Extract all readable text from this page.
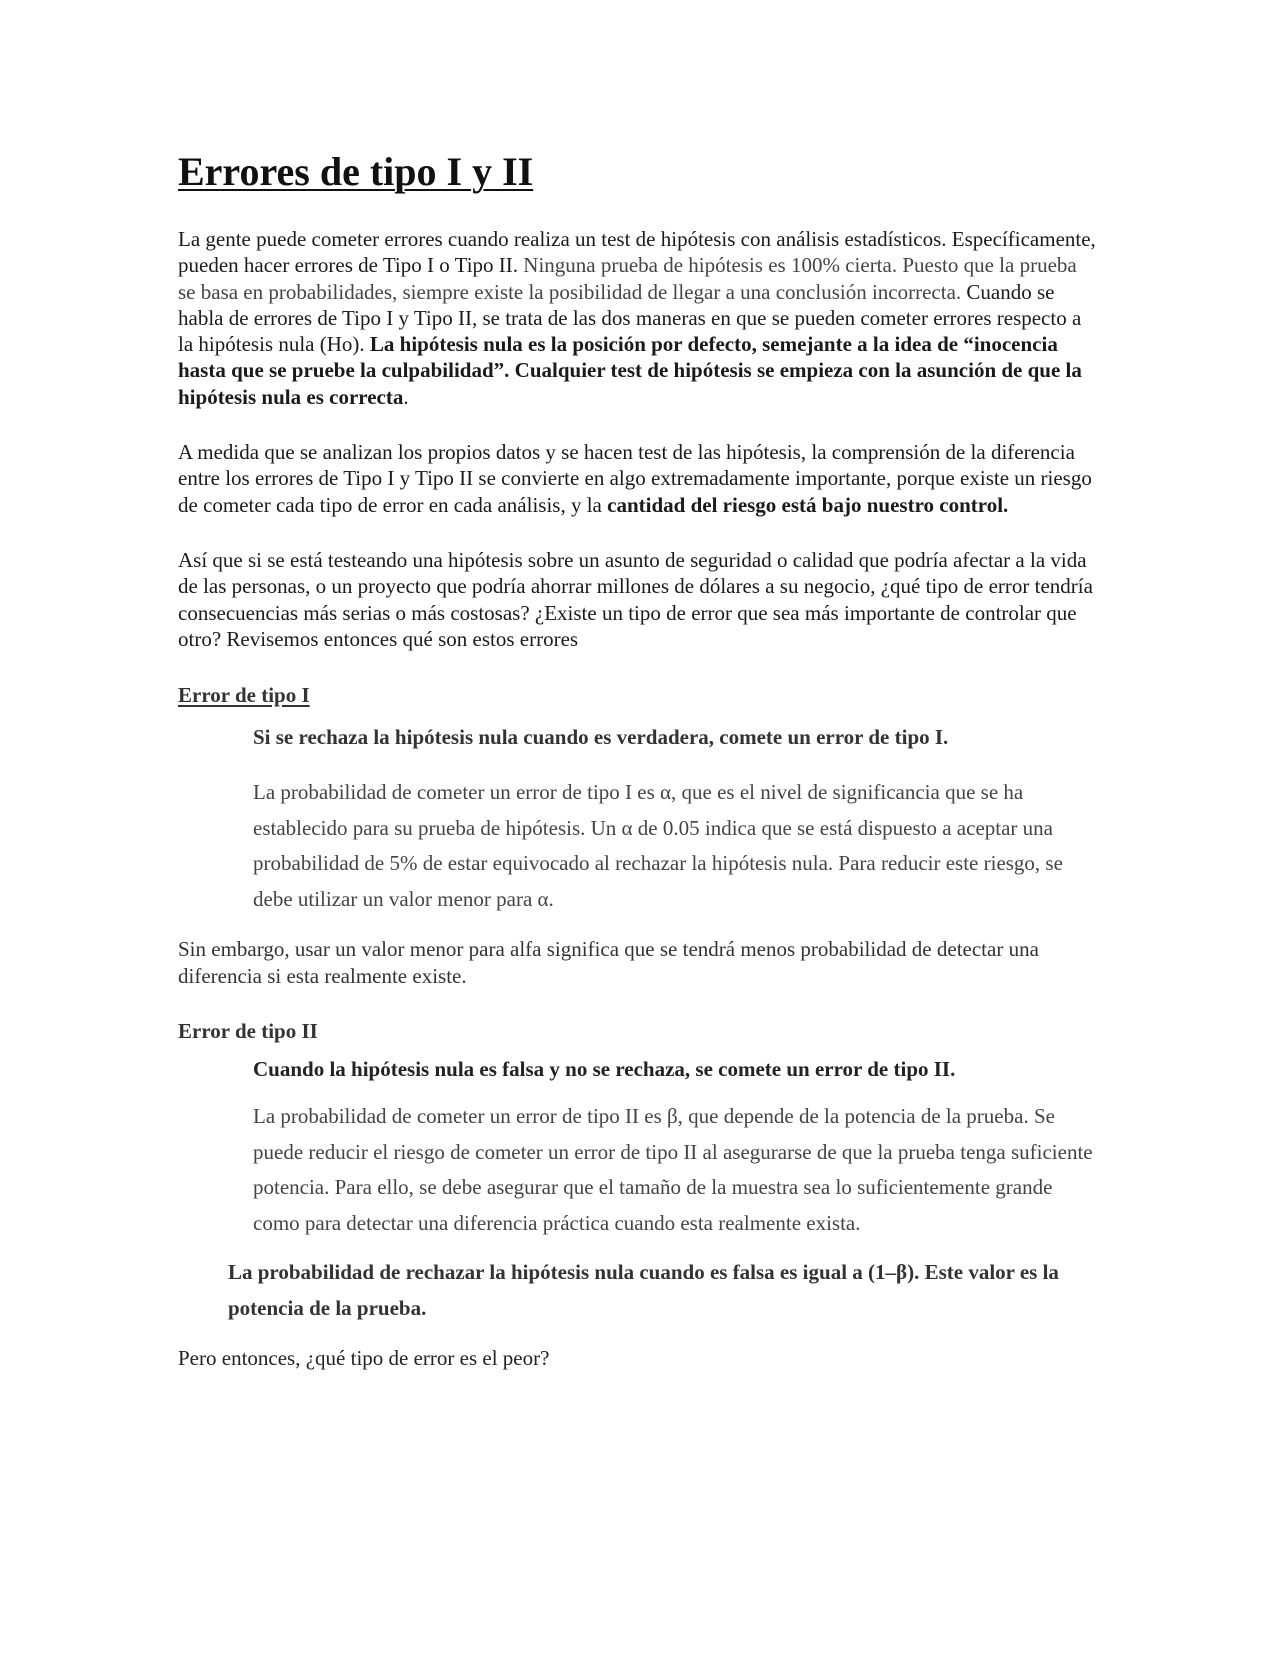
Errores de tipo I y II

La gente puede cometer errores cuando realiza un test de hipótesis con análisis estadísticos. Específicamente, pueden hacer errores de Tipo I o Tipo II. Ninguna prueba de hipótesis es 100% cierta. Puesto que la prueba se basa en probabilidades, siempre existe la posibilidad de llegar a una conclusión incorrecta. Cuando se habla de errores de Tipo I y Tipo II, se trata de las dos maneras en que se pueden cometer errores respecto a la hipótesis nula (Ho). La hipótesis nula es la posición por defecto, semejante a la idea de “inocencia hasta que se pruebe la culpabilidad”. Cualquier test de hipótesis se empieza con la asunción de que la hipótesis nula es correcta.

A medida que se analizan los propios datos y se hacen test de las hipótesis, la comprensión de la diferencia entre los errores de Tipo I y Tipo II se convierte en algo extremadamente importante, porque existe un riesgo de cometer cada tipo de error en cada análisis, y la cantidad del riesgo está bajo nuestro control.

Así que si se está testeando una hipótesis sobre un asunto de seguridad o calidad que podría afectar a la vida de las personas, o un proyecto que podría ahorrar millones de dólares a su negocio, ¿qué tipo de error tendría consecuencias más serias o más costosas? ¿Existe un tipo de error que sea más importante de controlar que otro? Revisemos entonces qué son estos errores

Error de tipo I

Si se rechaza la hipótesis nula cuando es verdadera, comete un error de tipo I.

La probabilidad de cometer un error de tipo I es α, que es el nivel de significancia que se ha establecido para su prueba de hipótesis. Un α de 0.05 indica que se está dispuesto a aceptar una probabilidad de 5% de estar equivocado al rechazar la hipótesis nula. Para reducir este riesgo, se debe utilizar un valor menor para α.

Sin embargo, usar un valor menor para alfa significa que se tendrá menos probabilidad de detectar una diferencia si esta realmente existe.

Error de tipo II

Cuando la hipótesis nula es falsa y no se rechaza, se comete un error de tipo II.

La probabilidad de cometer un error de tipo II es β, que depende de la potencia de la prueba. Se puede reducir el riesgo de cometer un error de tipo II al asegurarse de que la prueba tenga suficiente potencia. Para ello, se debe asegurar que el tamaño de la muestra sea lo suficientemente grande como para detectar una diferencia práctica cuando esta realmente exista.

La probabilidad de rechazar la hipótesis nula cuando es falsa es igual a (1–β). Este valor es la potencia de la prueba.

Pero entonces, ¿qué tipo de error es el peor?
